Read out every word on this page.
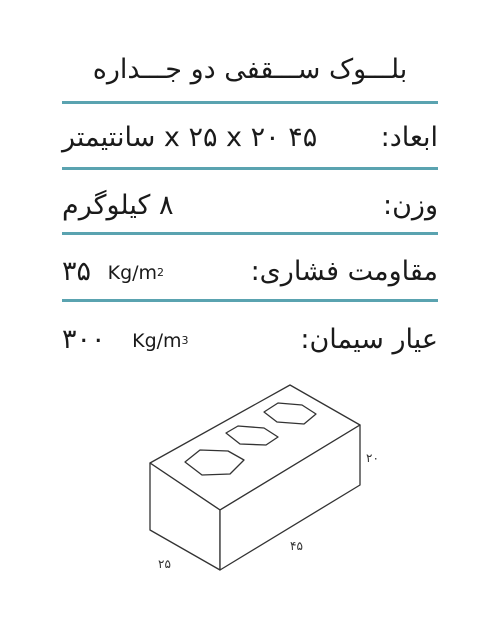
بلـــوک ســـقفی دو جـــداره
ابعاد:
۴۵ x ۲۵ x ۲۰ سانتیمتر
وزن:
۸ کیلوگرم
مقاومت فشاری:
۳۵ $Kg/m^2$
عیار سیمان:
۳۰۰ $Kg/m^3$
۲۰
۴۵
۲۵
